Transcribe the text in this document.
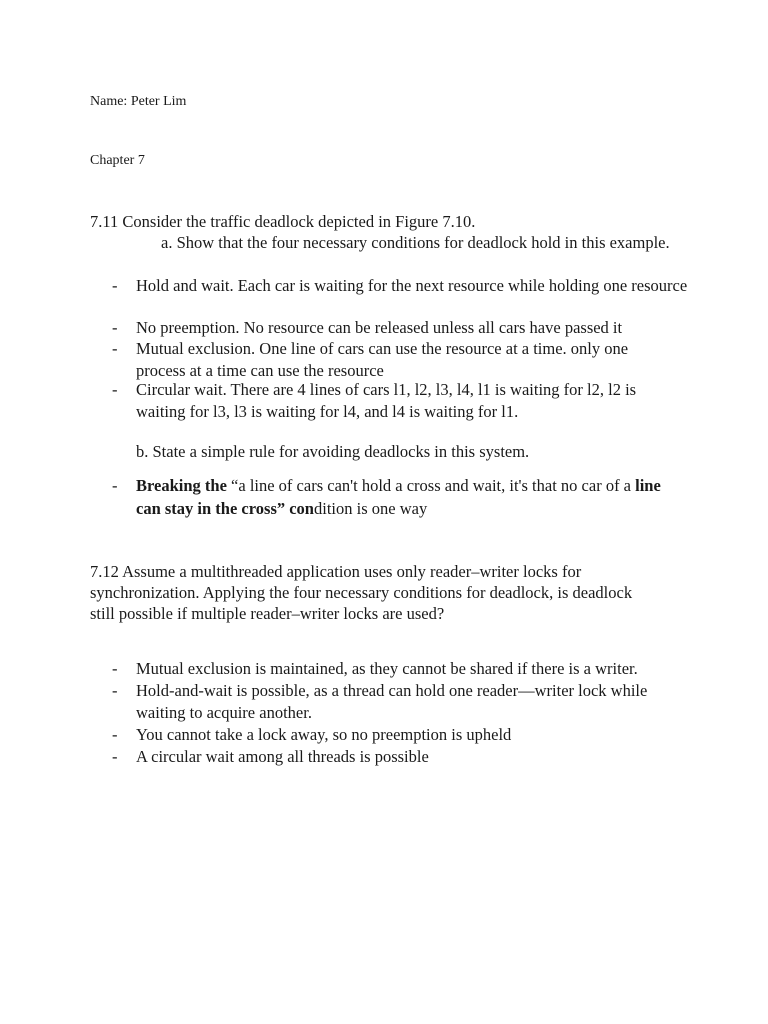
Name: Peter Lim
Chapter 7
7.11 Consider the traffic deadlock depicted in Figure 7.10.
a. Show that the four necessary conditions for deadlock hold in this example.
- Hold and wait. Each car is waiting for the next resource while holding one resource
- No preemption. No resource can be released unless all cars have passed it
- Mutual exclusion. One line of cars can use the resource at a time. only one process at a time can use the resource
- Circular wait. There are 4 lines of cars l1, l2, l3, l4, l1 is waiting for l2, l2 is waiting for l3, l3 is waiting for l4, and l4 is waiting for l1.
b. State a simple rule for avoiding deadlocks in this system.
- Breaking the “a line of cars can't hold a cross and wait, it's that no car of a line can stay in the cross” condition is one way
7.12 Assume a multithreaded application uses only reader–writer locks for
synchronization. Applying the four necessary conditions for deadlock, is deadlock
still possible if multiple reader–writer locks are used?
- Mutual exclusion is maintained, as they cannot be shared if there is a writer.
- Hold-and-wait is possible, as a thread can hold one reader—writer lock while waiting to acquire another.
- You cannot take a lock away, so no preemption is upheld
- A circular wait among all threads is possible
